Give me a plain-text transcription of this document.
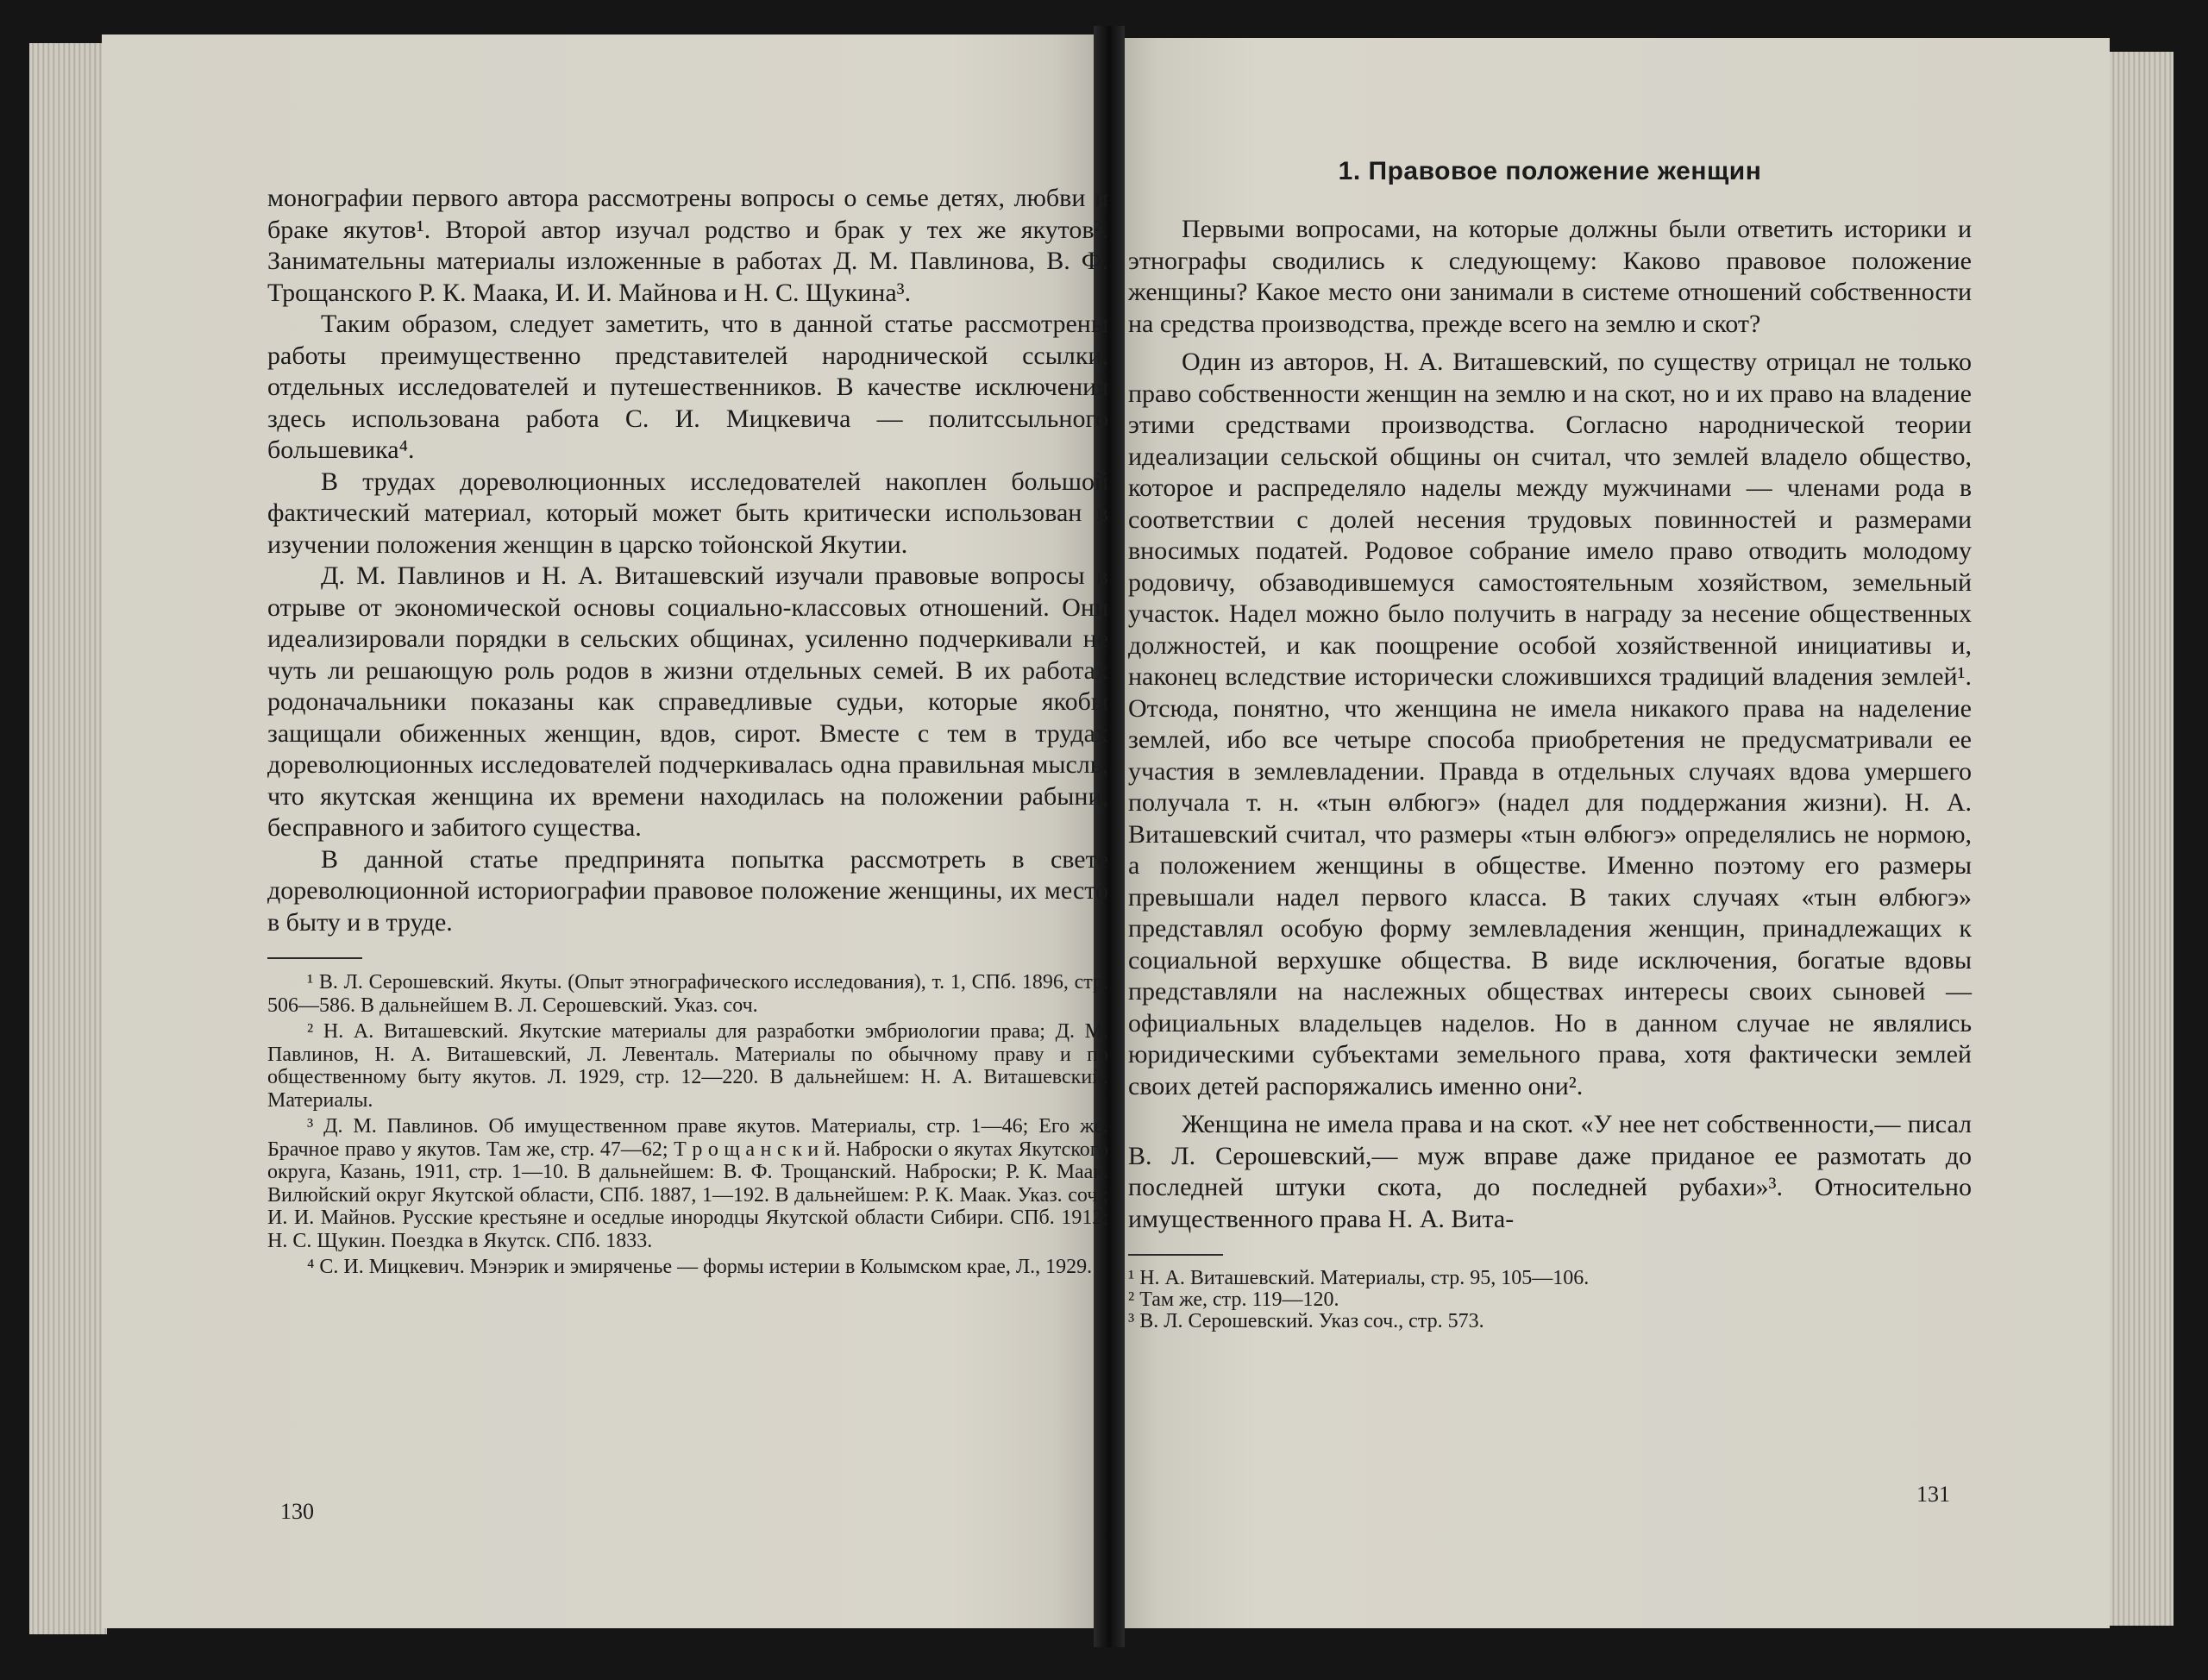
монографии первого автора рассмотрены вопросы о семье детях, любви и браке якутов¹. Второй автор изучал родство и брак у тех же якутов². Занимательны материалы изложенные в работах Д. М. Павлинова, В. Ф. Трощанского Р. К. Маака, И. И. Майнова и Н. С. Щукина³.

Таким образом, следует заметить, что в данной статье рассмотрены работы преимущественно представителей народнической ссылки, отдельных исследователей и путешественников. В качестве исключения здесь использована работа С. И. Мицкевича — политссыльного большевика⁴.

В трудах дореволюционных исследователей накоплен большой фактический материал, который может быть критически использован в изучении положения женщин в царско тойонской Якутии.

Д. М. Павлинов и Н. А. Виташевский изучали правовые вопросы в отрыве от экономической основы социально-классовых отношений. Они идеализировали порядки в сельских общинах, усиленно подчеркивали не чуть ли решающую роль родов в жизни отдельных семей. В их работах родоначальники показаны как справедливые судьи, которые якобы защищали обиженных женщин, вдов, сирот. Вместе с тем в трудах дореволюционных исследователей подчеркивалась одна правильная мысль, что якутская женщина их времени находилась на положении рабыни, бесправного и забитого существа.

В данной статье предпринята попытка рассмотреть в свете дореволюционной историографии правовое положение женщины, их место в быту и в труде.

¹ В. Л. Серошевский. Якуты. (Опыт этнографического исследования), т. 1, СПб. 1896, стр. 506—586. В дальнейшем В. Л. Серошевский. Указ. соч.

² Н. А. Виташевский. Якутские материалы для разработки эмбриологии права; Д. М. Павлинов, Н. А. Виташевский, Л. Левенталь. Материалы по обычному праву и по общественному быту якутов. Л. 1929, стр. 12—220. В дальнейшем: Н. А. Виташевский. Материалы.

³ Д. М. Павлинов. Об имущественном праве якутов. Материалы, стр. 1—46; Его же. Брачное право у якутов. Там же, стр. 47—62; Т р о щ а н с к и й. Наброски о якутах Якутского округа, Казань, 1911, стр. 1—10. В дальнейшем: В. Ф. Трощанский. Наброски; Р. К. Маак. Вилюйский округ Якутской области, СПб. 1887, 1—192. В дальнейшем: Р. К. Маак. Указ. соч.; И. И. Майнов. Русские крестьяне и оседлые инородцы Якутской области Сибири. СПб. 1912; Н. С. Щукин. Поездка в Якутск. СПб. 1833.

⁴ С. И. Мицкевич. Мэнэрик и эмиряченье — формы истерии в Колымском крае, Л., 1929.

130
1. Правовое положение женщин

Первыми вопросами, на которые должны были ответить историки и этнографы сводились к следующему: Каково правовое положение женщины? Какое место они занимали в системе отношений собственности на средства производства, прежде всего на землю и скот?

Один из авторов, Н. А. Виташевский, по существу отрицал не только право собственности женщин на землю и на скот, но и их право на владение этими средствами производства. Согласно народнической теории идеализации сельской общины он считал, что землей владело общество, которое и распределяло наделы между мужчинами — членами рода в соответствии с долей несения трудовых повинностей и размерами вносимых податей. Родовое собрание имело право отводить молодому родовичу, обзаводившемуся самостоятельным хозяйством, земельный участок. Надел можно было получить в награду за несение общественных должностей, и как поощрение особой хозяйственной инициативы и, наконец вследствие исторически сложившихся традиций владения землей¹. Отсюда, понятно, что женщина не имела никакого права на наделение землей, ибо все четыре способа приобретения не предусматривали ее участия в землевладении. Правда в отдельных случаях вдова умершего получала т. н. «тын өлбюгэ» (надел для поддержания жизни). Н. А. Виташевский считал, что размеры «тын өлбюгэ» определялись не нормою, а положением женщины в обществе. Именно поэтому его размеры превышали надел первого класса. В таких случаях «тын өлбюгэ» представлял особую форму землевладения женщин, принадлежащих к социальной верхушке общества. В виде исключения, богатые вдовы представляли на наслежных обществах интересы своих сыновей — официальных владельцев наделов. Но в данном случае не являлись юридическими субъектами земельного права, хотя фактически землей своих детей распоряжались именно они².

Женщина не имела права и на скот. «У нее нет собственности,— писал В. Л. Серошевский,— муж вправе даже приданое ее размотать до последней штуки скота, до последней рубахи»³. Относительно имущественного права Н. А. Вита-

¹ Н. А. Виташевский. Материалы, стр. 95, 105—106.

² Там же, стр. 119—120.

³ В. Л. Серошевский. Указ соч., стр. 573.

131
